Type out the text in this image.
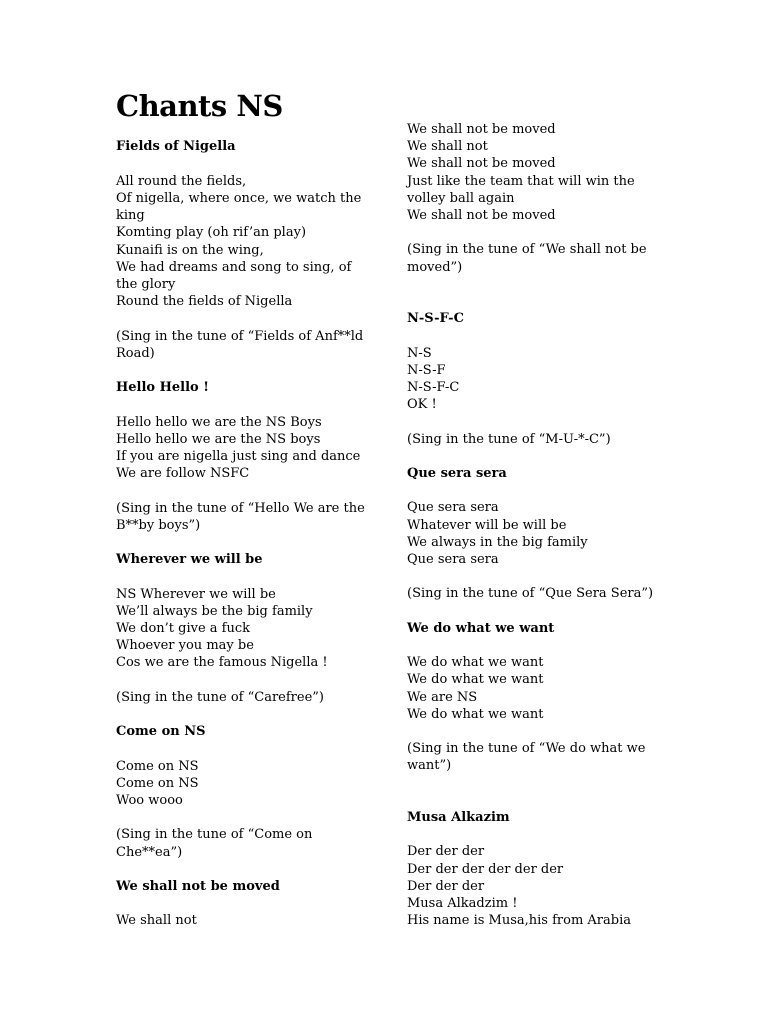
Chants NS
Fields of Nigella
All round the fields,
Of nigella, where once, we watch the
king
Komting play (oh rif’an play)
Kunaifi is on the wing,
We had dreams and song to sing, of
the glory
Round the fields of Nigella
(Sing in the tune of “Fields of Anf**ld
Road)
Hello Hello !
Hello hello we are the NS Boys
Hello hello we are the NS boys
If you are nigella just sing and dance
We are follow NSFC
(Sing in the tune of “Hello We are the
B**by boys”)
Wherever we will be
NS Wherever we will be
We’ll always be the big family
We don’t give a fuck
Whoever you may be
Cos we are the famous Nigella !
(Sing in the tune of “Carefree”)
Come on NS
Come on NS
Come on NS
Woo wooo
(Sing in the tune of “Come on
Che**ea”)
We shall not be moved
We shall not
We shall not be moved
We shall not
We shall not be moved
Just like the team that will win the
volley ball again
We shall not be moved
(Sing in the tune of “We shall not be
moved”)
N-S-F-C
N-S
N-S-F
N-S-F-C
OK !
(Sing in the tune of “M-U-*-C”)
Que sera sera
Que sera sera
Whatever will be will be
We always in the big family
Que sera sera
(Sing in the tune of “Que Sera Sera”)
We do what we want
We do what we want
We do what we want
We are NS
We do what we want
(Sing in the tune of “We do what we
want”)
Musa Alkazim
Der der der
Der der der der der der
Der der der
Musa Alkadzim !
His name is Musa,his from Arabia
